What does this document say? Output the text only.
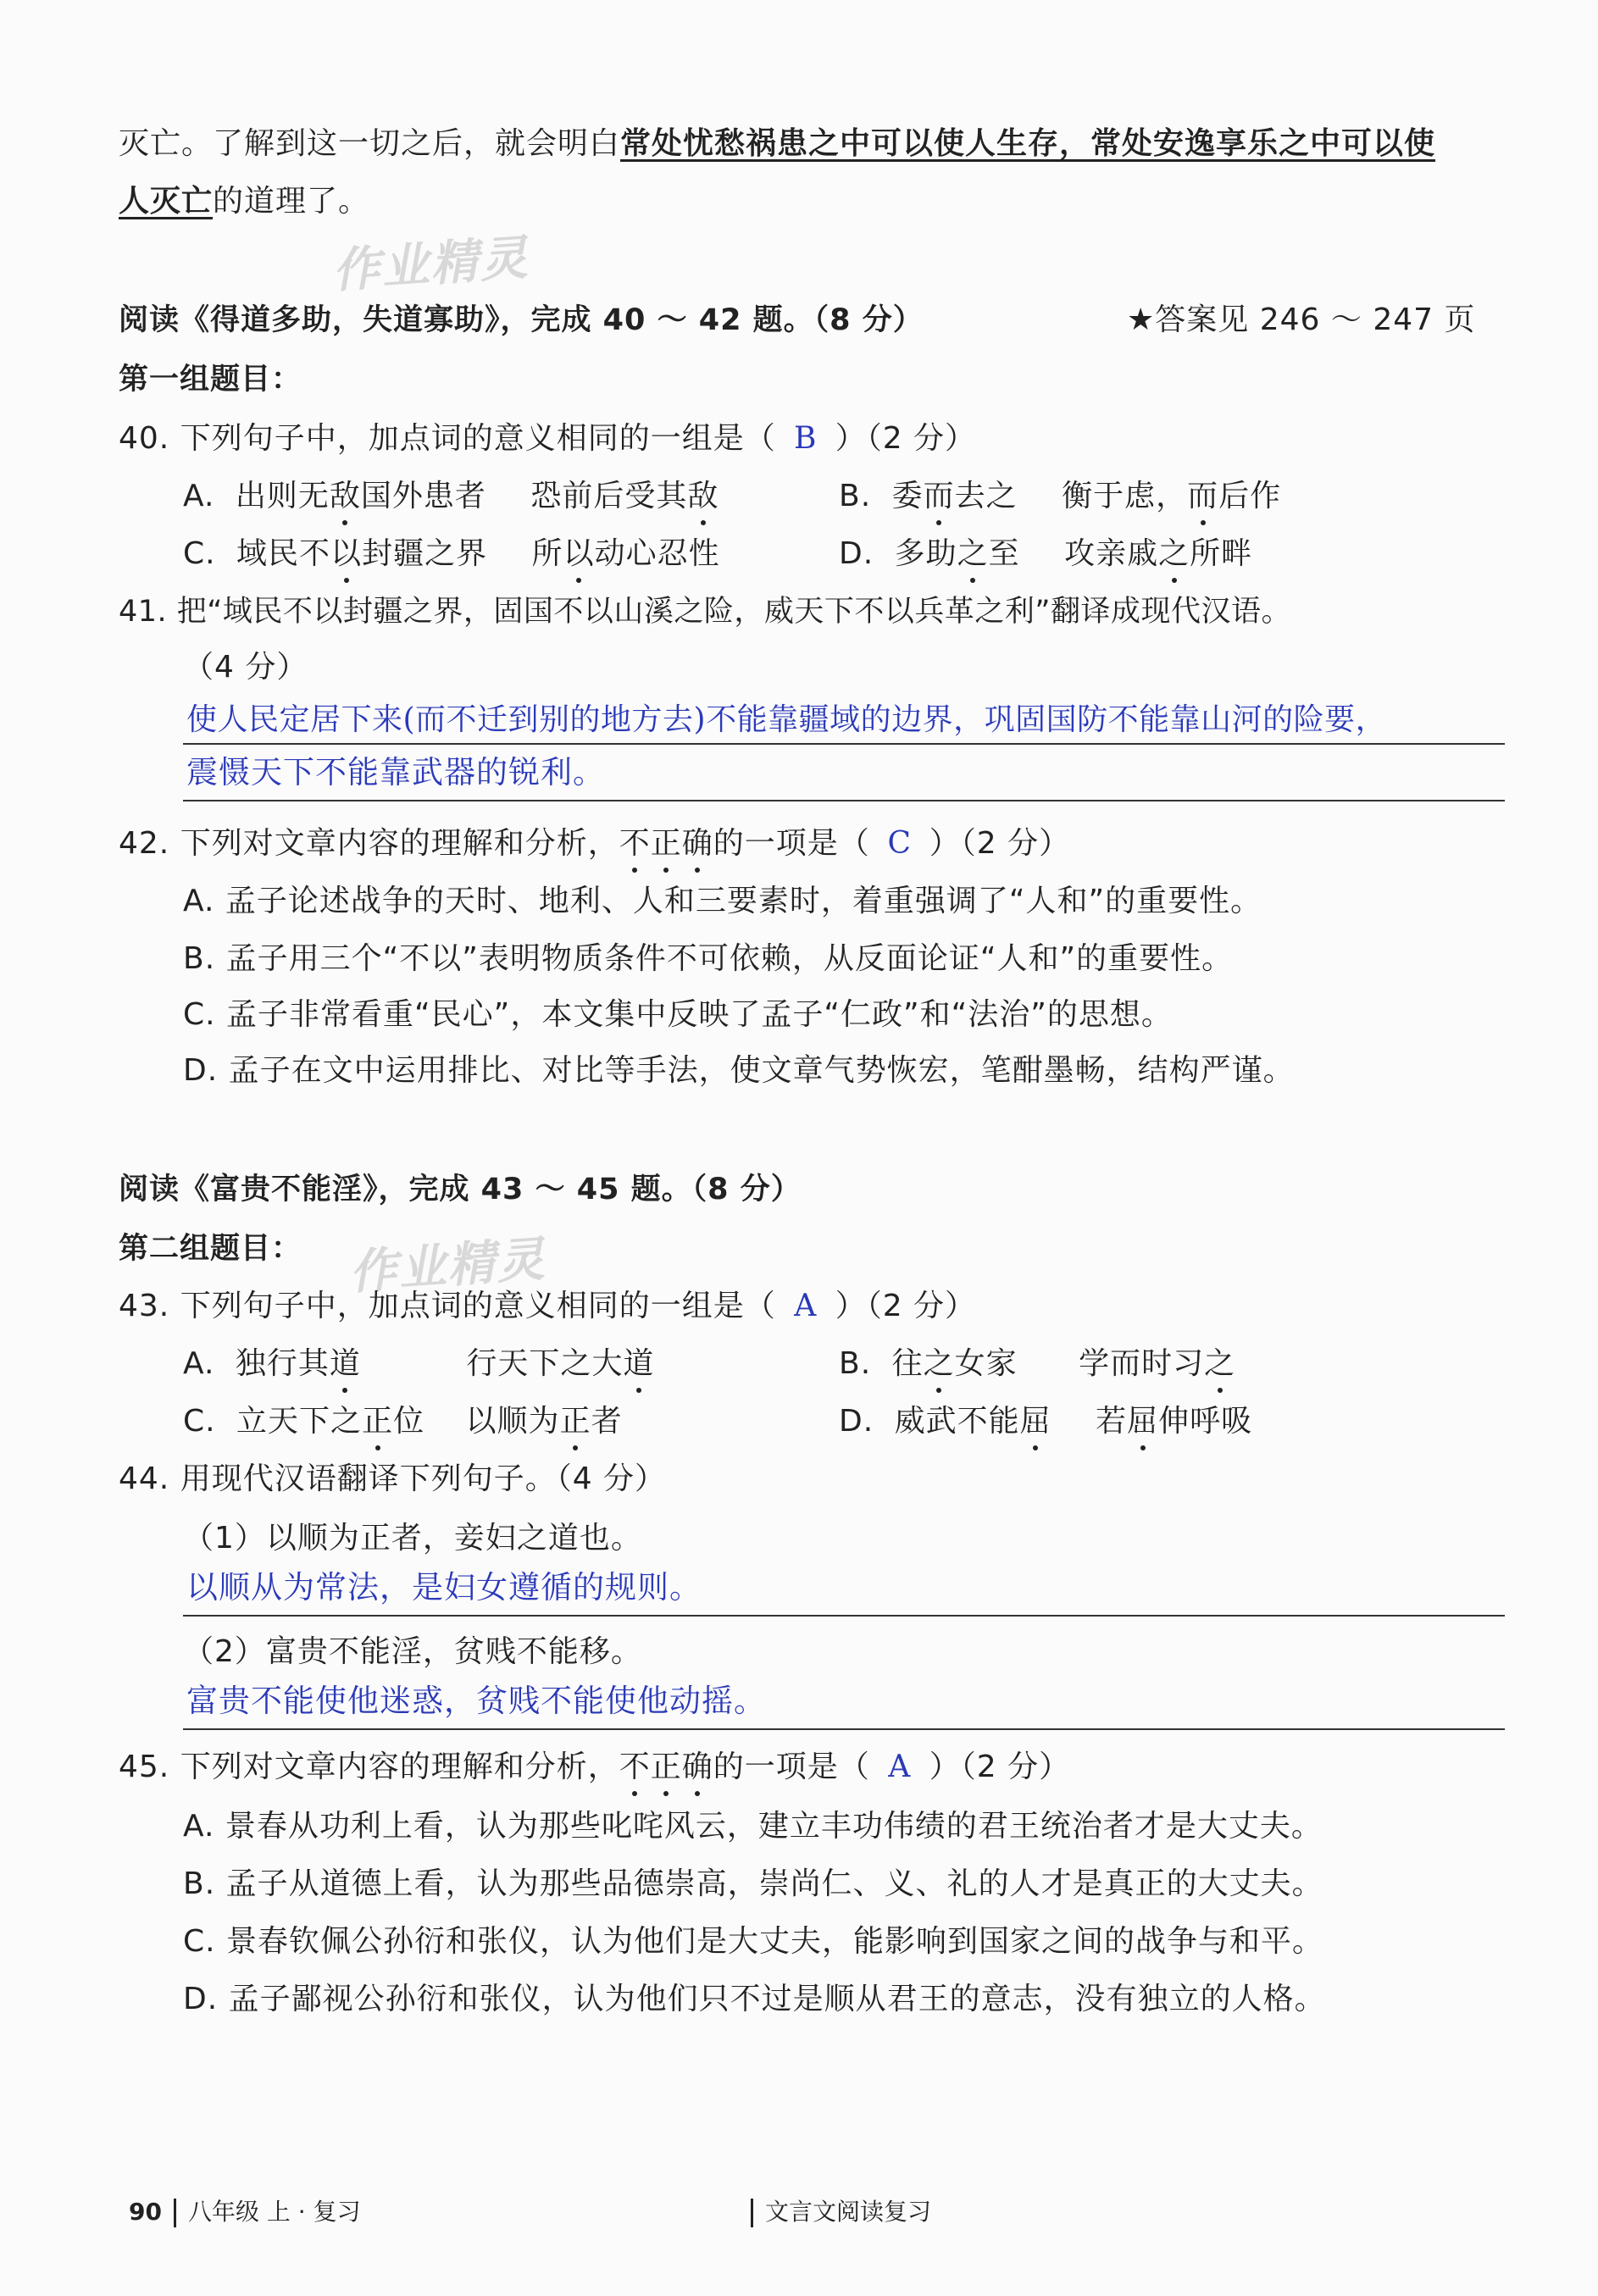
灭亡。了解到这一切之后，就会明白常处忧愁祸患之中可以使人生存，常处安逸享乐之中可以使
人灭亡的道理了。
作业精灵
阅读《得道多助，失道寡助》，完成 40 ～ 42 题。（8 分）	★答案见 246 ～ 247 页
第一组题目：
40. 下列句子中，加点词的意义相同的一组是（ B ）（2 分）
A. 出则无敌国外患者 恐前后受其敌	B. 委而去之 衡于虑，而后作
C. 域民不以封疆之界 所以动心忍性	D. 多助之至 攻亲戚之所畔
41. 把“域民不以封疆之界，固国不以山溪之险，威天下不以兵革之利”翻译成现代汉语。
（4 分）
使人民定居下来(而不迁到别的地方去)不能靠疆域的边界，巩固国防不能靠山河的险要，
震慑天下不能靠武器的锐利。
42. 下列对文章内容的理解和分析，不正确的一项是（ C ）（2 分）
A. 孟子论述战争的天时、地利、人和三要素时，着重强调了“人和”的重要性。
B. 孟子用三个“不以”表明物质条件不可依赖，从反面论证“人和”的重要性。
C. 孟子非常看重“民心”，本文集中反映了孟子“仁政”和“法治”的思想。
D. 孟子在文中运用排比、对比等手法，使文章气势恢宏，笔酣墨畅，结构严谨。
阅读《富贵不能淫》，完成 43 ～ 45 题。（8 分）
第二组题目： 作业精灵
43. 下列句子中，加点词的意义相同的一组是（ A ）（2 分）
A. 独行其道	行天下之大道	B. 往之女家 学而时习之
C. 立天下之正位 以顺为正者	D. 威武不能屈 若屈伸呼吸
44. 用现代汉语翻译下列句子。（4 分）
（1）以顺为正者，妾妇之道也。
以顺从为常法，是妇女遵循的规则。
（2）富贵不能淫，贫贱不能移。
富贵不能使他迷惑，贫贱不能使他动摇。
45. 下列对文章内容的理解和分析，不正确的一项是（ A ）（2 分）
A. 景春从功利上看，认为那些叱咤风云，建立丰功伟绩的君王统治者才是大丈夫。
B. 孟子从道德上看，认为那些品德崇高，崇尚仁、义、礼的人才是真正的大丈夫。
C. 景春钦佩公孙衍和张仪，认为他们是大丈夫，能影响到国家之间的战争与和平。
D. 孟子鄙视公孙衍和张仪，认为他们只不过是顺从君王的意志，没有独立的人格。
90 八年级 上 · 复习	文言文阅读复习
